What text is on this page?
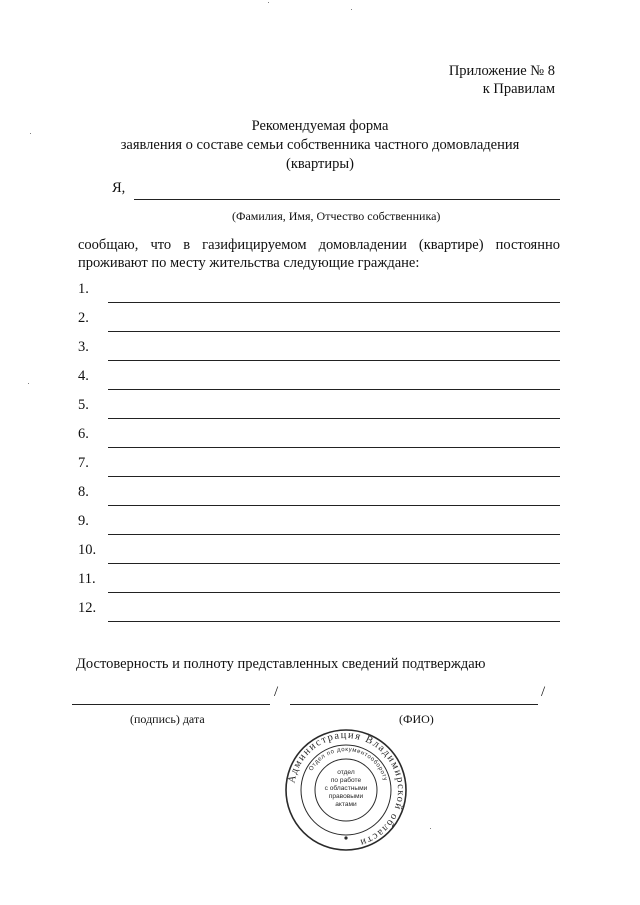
Приложение № 8
к Правилам
Рекомендуемая форма
заявления о составе семьи собственника частного домовладения
(квартиры)
Я,
(Фамилия, Имя, Отчество собственника)
сообщаю, что в газифицируемом домовладении (квартире) постоянно проживают по месту жительства следующие граждане:
1.
2.
3.
4.
5.
6.
7.
8.
9.
10.
11.
12.
Достоверность и полноту представленных сведений подтверждаю
/	/
(подпись) дата	(ФИО)
Администрация Владимирской области
Отдел по документообороту
отдел
по работе
с областными
правовыми
актами
